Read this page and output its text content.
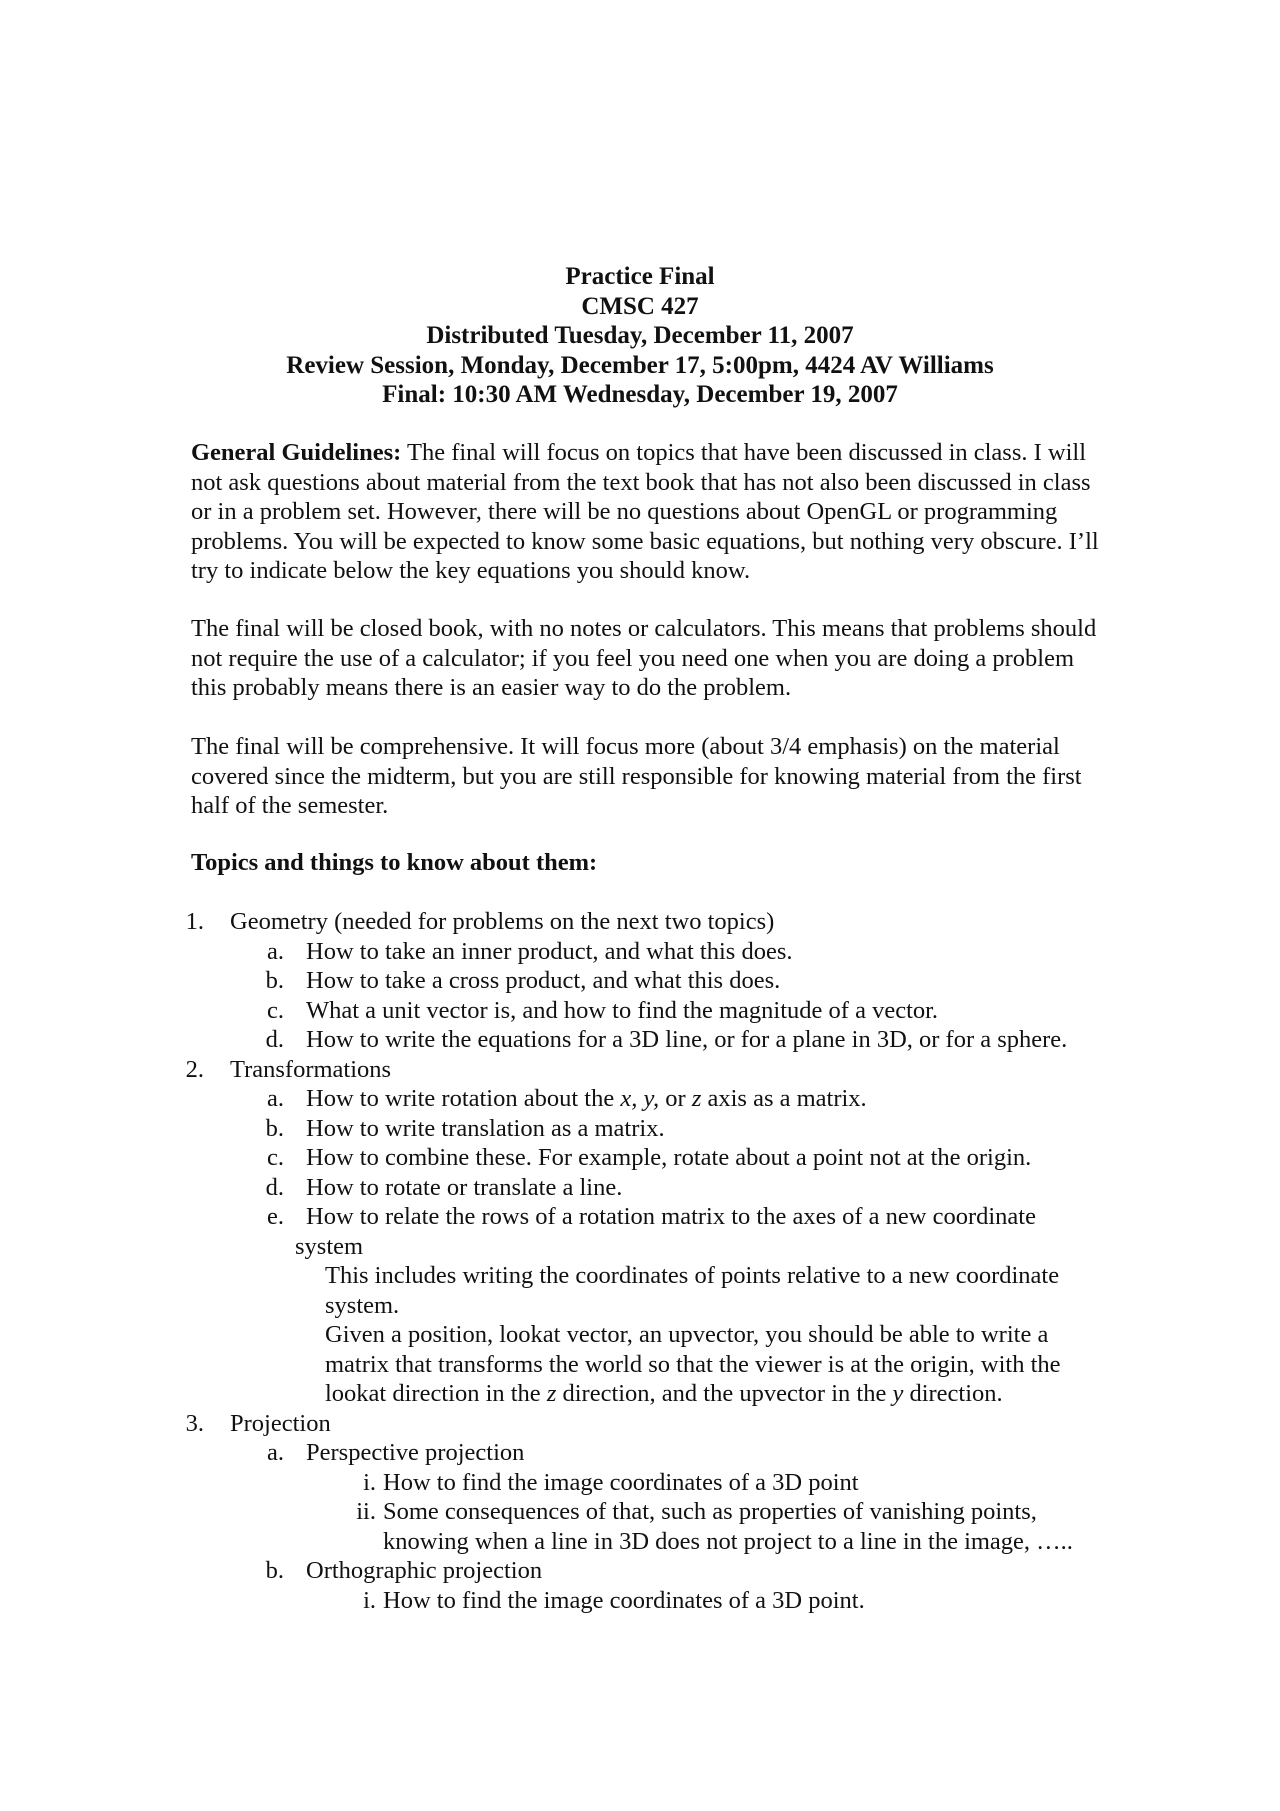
Practice Final
CMSC 427
Distributed Tuesday, December 11, 2007
Review Session, Monday, December 17, 5:00pm, 4424 AV Williams
Final: 10:30 AM Wednesday, December 19, 2007
General Guidelines: The final will focus on topics that have been discussed in class. I will not ask questions about material from the text book that has not also been discussed in class or in a problem set. However, there will be no questions about OpenGL or programming problems. You will be expected to know some basic equations, but nothing very obscure. I’ll try to indicate below the key equations you should know.
The final will be closed book, with no notes or calculators. This means that problems should not require the use of a calculator; if you feel you need one when you are doing a problem this probably means there is an easier way to do the problem.
The final will be comprehensive. It will focus more (about 3/4 emphasis) on the material covered since the midterm, but you are still responsible for knowing material from the first half of the semester.
Topics and things to know about them:
1. Geometry (needed for problems on the next two topics)
a. How to take an inner product, and what this does.
b. How to take a cross product, and what this does.
c. What a unit vector is, and how to find the magnitude of a vector.
d. How to write the equations for a 3D line, or for a plane in 3D, or for a sphere.
2. Transformations
a. How to write rotation about the x, y, or z axis as a matrix.
b. How to write translation as a matrix.
c. How to combine these. For example, rotate about a point not at the origin.
d. How to rotate or translate a line.
e. How to relate the rows of a rotation matrix to the axes of a new coordinate
system
This includes writing the coordinates of points relative to a new coordinate
system.
Given a position, lookat vector, an upvector, you should be able to write a
matrix that transforms the world so that the viewer is at the origin, with the
lookat direction in the z direction, and the upvector in the y direction.
3. Projection
a. Perspective projection
i. How to find the image coordinates of a 3D point
ii. Some consequences of that, such as properties of vanishing points,
knowing when a line in 3D does not project to a line in the image, …..
b. Orthographic projection
i. How to find the image coordinates of a 3D point.
